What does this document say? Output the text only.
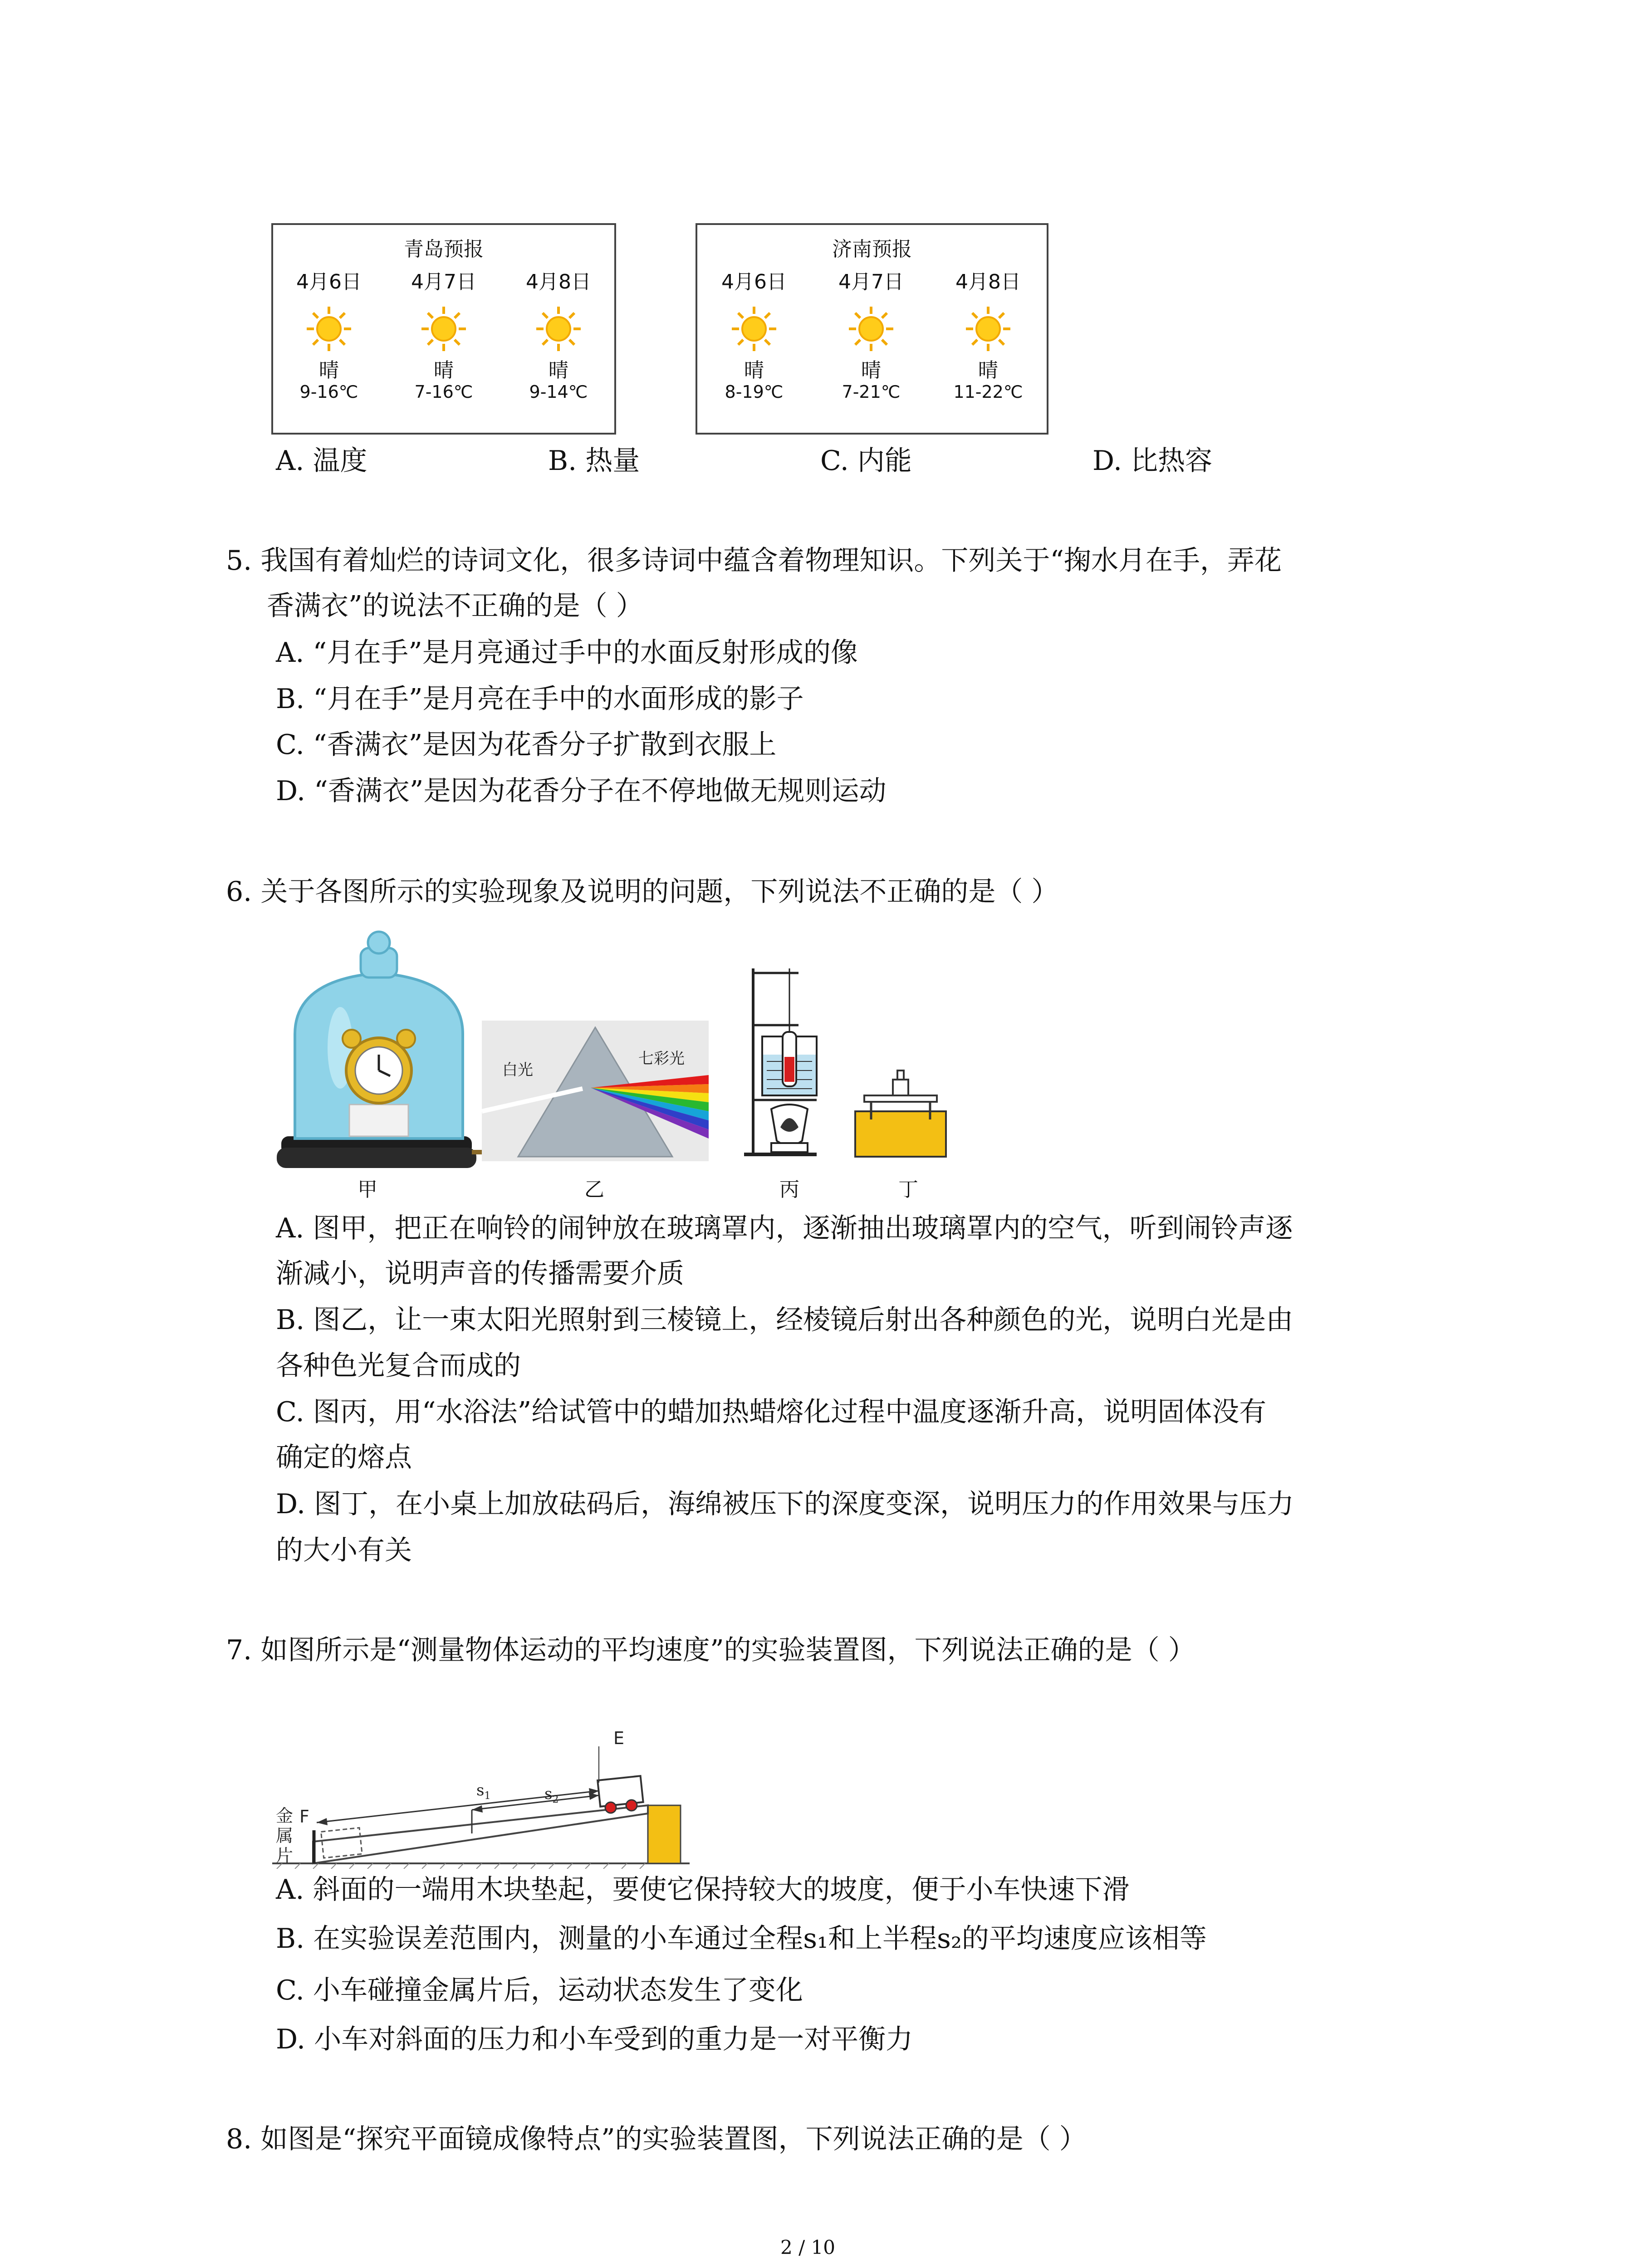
青岛预报
4月6日
晴
9-16℃
4月7日
晴
7-16℃
4月8日
晴
9-14℃
济南预报
4月6日
晴
8-19℃
4月7日
晴
7-21℃
4月8日
晴
11-22℃
A. 温度	B. 热量	C. 内能	D. 比热容
5. 我国有着灿烂的诗词文化，很多诗词中蕴含着物理知识。下列关于“掬水月在手，弄花
香满衣”的说法不正确的是（ ）
A. “月在手”是月亮通过手中的水面反射形成的像
B. “月在手”是月亮在手中的水面形成的影子
C. “香满衣”是因为花香分子扩散到衣服上
D. “香满衣”是因为花香分子在不停地做无规则运动
6. 关于各图所示的实验现象及说明的问题，下列说法不正确的是（ ）
白光
七彩光
甲	乙	丙	丁
A. 图甲，把正在响铃的闹钟放在玻璃罩内，逐渐抽出玻璃罩内的空气，听到闹铃声逐
渐减小，说明声音的传播需要介质
B. 图乙，让一束太阳光照射到三棱镜上，经棱镜后射出各种颜色的光，说明白光是由
各种色光复合而成的
C. 图丙，用“水浴法”给试管中的蜡加热蜡熔化过程中温度逐渐升高，说明固体没有
确定的熔点
D. 图丁，在小桌上加放砝码后，海绵被压下的深度变深，说明压力的作用效果与压力
的大小有关
7. 如图所示是“测量物体运动的平均速度”的实验装置图，下列说法正确的是（ ）
E
F
$s_1$	$s_2$
金
属
片
A. 斜面的一端用木块垫起，要使它保持较大的坡度，便于小车快速下滑
B. 在实验误差范围内，测量的小车通过全程s₁和上半程s₂的平均速度应该相等
C. 小车碰撞金属片后，运动状态发生了变化
D. 小车对斜面的压力和小车受到的重力是一对平衡力
8. 如图是“探究平面镜成像特点”的实验装置图，下列说法正确的是（ ）
2 / 10
